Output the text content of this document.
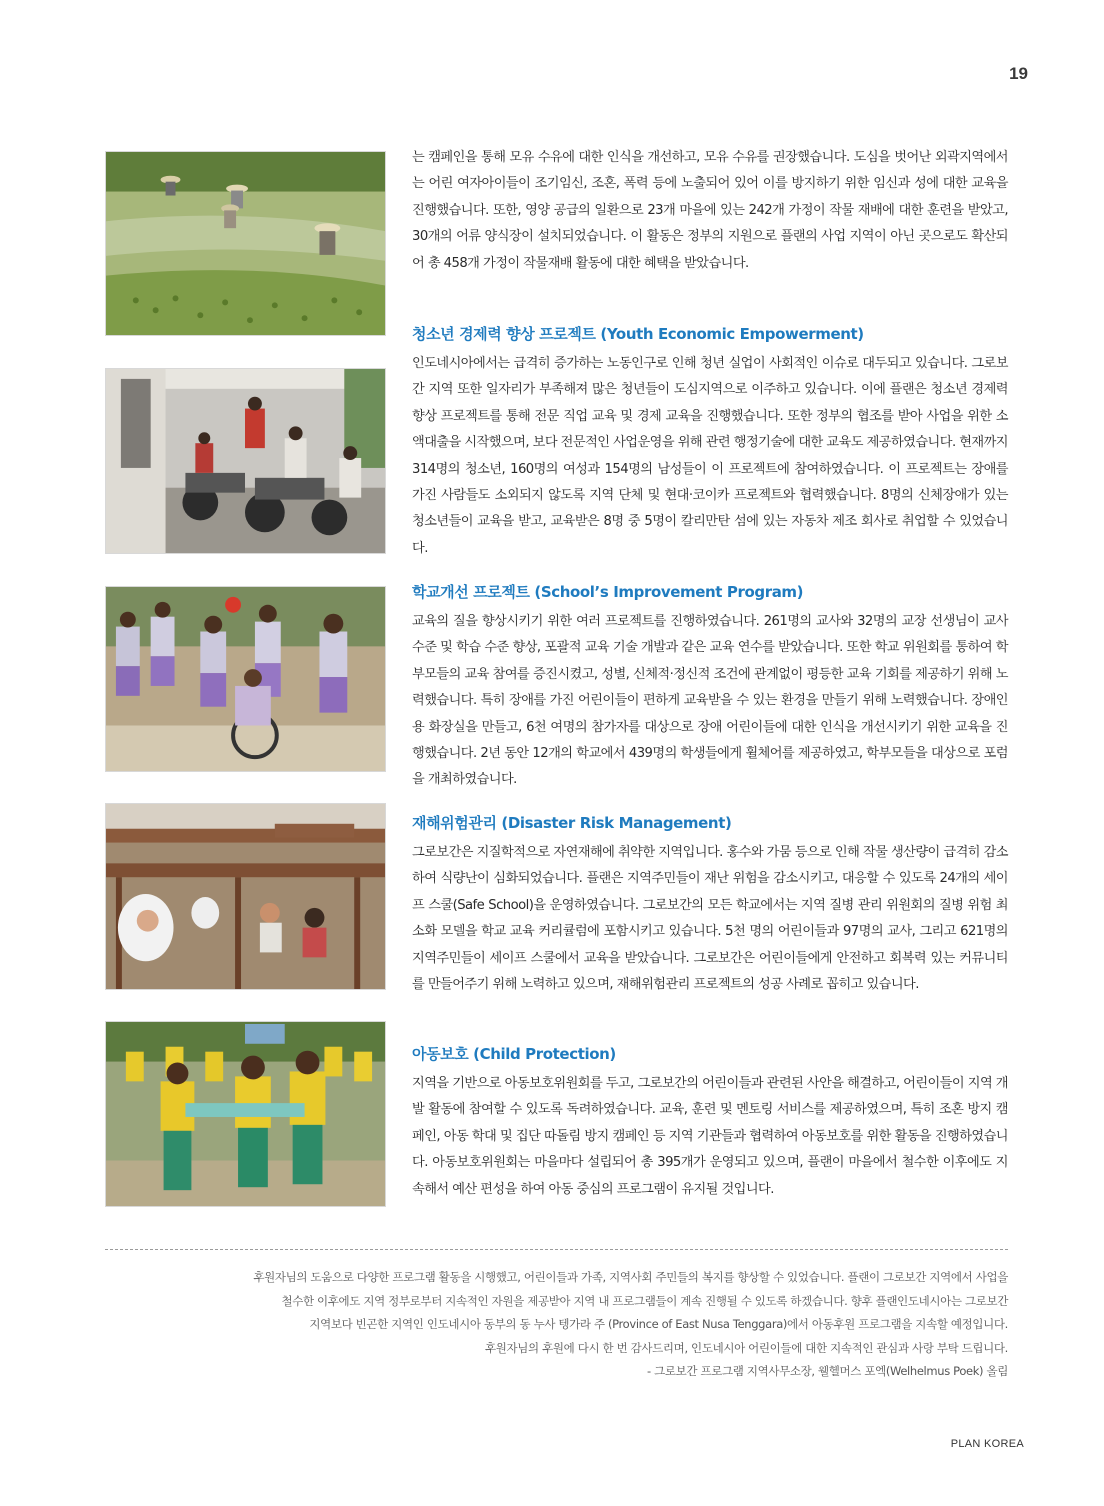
19

는 캠페인을 통해 모유 수유에 대한 인식을 개선하고, 모유 수유를 권장했습니다. 도심을 벗어난 외곽지역에서는 어린 여자아이들이 조기임신, 조혼, 폭력 등에 노출되어 있어 이를 방지하기 위한 임신과 성에 대한 교육을 진행했습니다. 또한, 영양 공급의 일환으로 23개 마을에 있는 242개 가정이 작물 재배에 대한 훈련을 받았고, 30개의 어류 양식장이 설치되었습니다. 이 활동은 정부의 지원으로 플랜의 사업 지역이 아닌 곳으로도 확산되어 총 458개 가정이 작물재배 활동에 대한 혜택을 받았습니다.

청소년 경제력 향상 프로젝트 (Youth Economic Empowerment)

인도네시아에서는 급격히 증가하는 노동인구로 인해 청년 실업이 사회적인 이슈로 대두되고 있습니다. 그로보간 지역 또한 일자리가 부족해져 많은 청년들이 도심지역으로 이주하고 있습니다. 이에 플랜은 청소년 경제력 향상 프로젝트를 통해 전문 직업 교육 및 경제 교육을 진행했습니다. 또한 정부의 협조를 받아 사업을 위한 소액대출을 시작했으며, 보다 전문적인 사업운영을 위해 관련 행정기술에 대한 교육도 제공하였습니다. 현재까지 314명의 청소년, 160명의 여성과 154명의 남성들이 이 프로젝트에 참여하였습니다. 이 프로젝트는 장애를 가진 사람들도 소외되지 않도록 지역 단체 및 현대·코이카 프로젝트와 협력했습니다. 8명의 신체장애가 있는 청소년들이 교육을 받고, 교육받은 8명 중 5명이 칼리만탄 섬에 있는 자동차 제조 회사로 취업할 수 있었습니다.

학교개선 프로젝트 (School’s Improvement Program)

교육의 질을 향상시키기 위한 여러 프로젝트를 진행하였습니다. 261명의 교사와 32명의 교장 선생님이 교사 수준 및 학습 수준 향상, 포괄적 교육 기술 개발과 같은 교육 연수를 받았습니다. 또한 학교 위원회를 통하여 학부모들의 교육 참여를 증진시켰고, 성별, 신체적·정신적 조건에 관계없이 평등한 교육 기회를 제공하기 위해 노력했습니다. 특히 장애를 가진 어린이들이 편하게 교육받을 수 있는 환경을 만들기 위해 노력했습니다. 장애인용 화장실을 만들고, 6천 여명의 참가자를 대상으로 장애 어린이들에 대한 인식을 개선시키기 위한 교육을 진행했습니다. 2년 동안 12개의 학교에서 439명의 학생들에게 휠체어를 제공하였고, 학부모들을 대상으로 포럼을 개최하였습니다.

재해위험관리 (Disaster Risk Management)

그로보간은 지질학적으로 자연재해에 취약한 지역입니다. 홍수와 가뭄 등으로 인해 작물 생산량이 급격히 감소하여 식량난이 심화되었습니다. 플랜은 지역주민들이 재난 위험을 감소시키고, 대응할 수 있도록 24개의 세이프 스쿨(Safe School)을 운영하였습니다. 그로보간의 모든 학교에서는 지역 질병 관리 위원회의 질병 위험 최소화 모델을 학교 교육 커리큘럼에 포함시키고 있습니다. 5천 명의 어린이들과 97명의 교사, 그리고 621명의 지역주민들이 세이프 스쿨에서 교육을 받았습니다. 그로보간은 어린이들에게 안전하고 회복력 있는 커뮤니티를 만들어주기 위해 노력하고 있으며, 재해위험관리 프로젝트의 성공 사례로 꼽히고 있습니다.

아동보호 (Child Protection)

지역을 기반으로 아동보호위원회를 두고, 그로보간의 어린이들과 관련된 사안을 해결하고, 어린이들이 지역 개발 활동에 참여할 수 있도록 독려하였습니다. 교육, 훈련 및 멘토링 서비스를 제공하였으며, 특히 조혼 방지 캠페인, 아동 학대 및 집단 따돌림 방지 캠페인 등 지역 기관들과 협력하여 아동보호를 위한 활동을 진행하였습니다. 아동보호위원회는 마을마다 설립되어 총 395개가 운영되고 있으며, 플랜이 마을에서 철수한 이후에도 지속해서 예산 편성을 하여 아동 중심의 프로그램이 유지될 것입니다.

후원자님의 도움으로 다양한 프로그램 활동을 시행했고, 어린이들과 가족, 지역사회 주민들의 복지를 향상할 수 있었습니다. 플랜이 그로보간 지역에서 사업을

철수한 이후에도 지역 정부로부터 지속적인 자원을 제공받아 지역 내 프로그램들이 계속 진행될 수 있도록 하겠습니다. 향후 플랜인도네시아는 그로보간

지역보다 빈곤한 지역인 인도네시아 동부의 동 누사 텡가라 주 (Province of East Nusa Tenggara)에서 아동후원 프로그램을 지속할 예정입니다.

후원자님의 후원에 다시 한 번 감사드리며, 인도네시아 어린이들에 대한 지속적인 관심과 사랑 부탁 드립니다.

- 그로보간 프로그램 지역사무소장, 웰헬머스 포엑(Welhelmus Poek) 올림

PLAN KOREA
